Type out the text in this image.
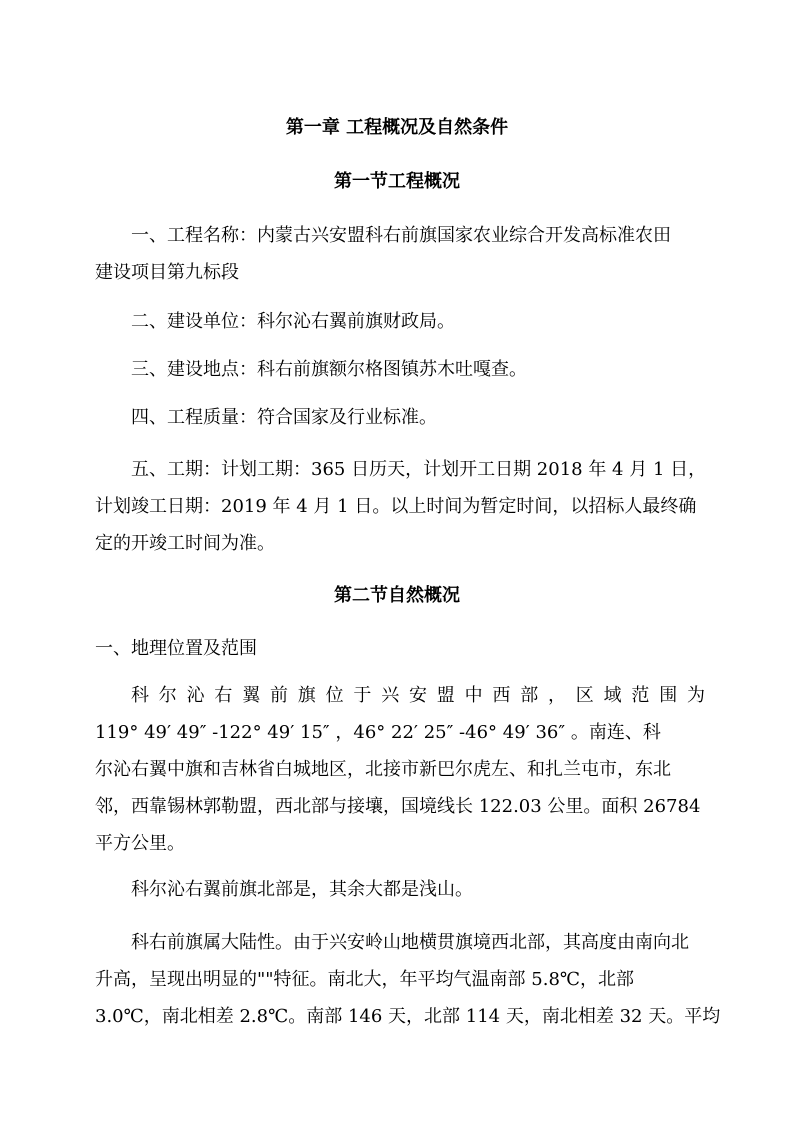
第一章 工程概况及自然条件
第一节工程概况
一、工程名称：内蒙古兴安盟科右前旗国家农业综合开发高标准农田
建设项目第九标段
二、建设单位：科尔沁右翼前旗财政局。
三、建设地点：科右前旗额尔格图镇苏木吐嘎查。
四、工程质量：符合国家及行业标准。
五、工期：计划工期：365 日历天，计划开工日期 2018 年 4 月 1 日，
计划竣工日期：2019 年 4 月 1 日。以上时间为暂定时间，以招标人最终确
定的开竣工时间为准。
第二节自然概况
一、地理位置及范围
科尔沁右翼前旗位于兴安盟中西部，区域范围为
119° 49′ 49″ -122° 49′ 15″ ，46° 22′ 25″ -46° 49′ 36″ 。南连、科
尔沁右翼中旗和吉林省白城地区，北接市新巴尔虎左、和扎兰屯市，东北
邻，西靠锡林郭勒盟，西北部与接壤，国境线长 122.03 公里。面积 26784
平方公里。
科尔沁右翼前旗北部是，其余大都是浅山。
科右前旗属大陆性。由于兴安岭山地横贯旗境西北部，其高度由南向北
升高，呈现出明显的""特征。南北大，年平均气温南部 5.8℃，北部
3.0℃，南北相差 2.8℃。南部 146 天，北部 114 天，南北相差 32 天。平均
